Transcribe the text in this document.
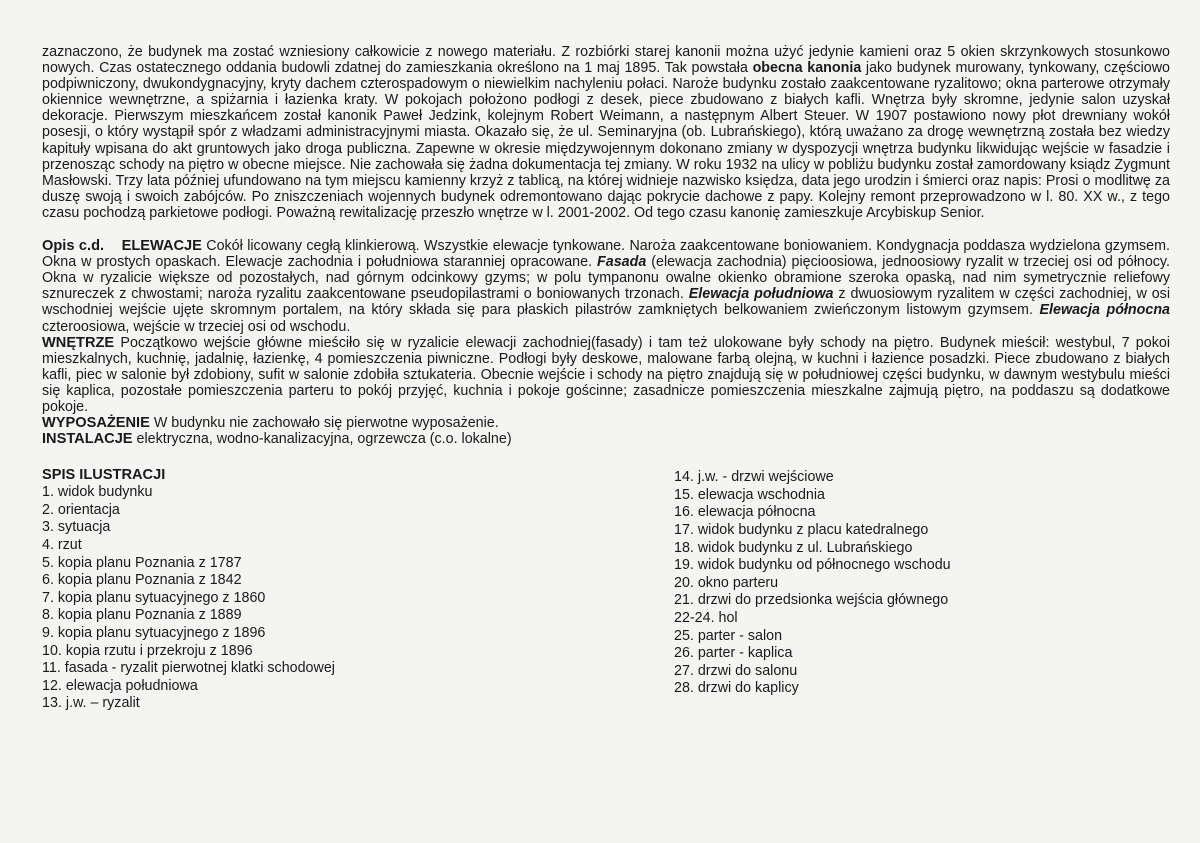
zaznaczono, że budynek ma zostać wzniesiony całkowicie z nowego materiału. Z rozbiórki starej kanonii można użyć jedynie kamieni oraz 5 okien skrzynkowych stosunkowo nowych. Czas ostatecznego oddania budowli zdatnej do zamieszkania określono na 1 maj 1895. Tak powstała obecna kanonia jako budynek murowany, tynkowany, częściowo podpiwniczony, dwukondygnacyjny, kryty dachem czterospadowym o niewielkim nachyleniu połaci. Naroże budynku zostało zaakcentowane ryzalitowo; okna parterowe otrzymały okiennice wewnętrzne, a spiżarnia i łazienka kraty. W pokojach położono podłogi z desek, piece zbudowano z białych kafli. Wnętrza były skromne, jedynie salon uzyskał dekoracje. Pierwszym mieszkańcem został kanonik Paweł Jedzink, kolejnym Robert Weimann, a następnym Albert Steuer. W 1907 postawiono nowy płot drewniany wokół posesji, o który wystąpił spór z władzami administracyjnymi miasta. Okazało się, że ul. Seminaryjna (ob. Lubrańskiego), którą uważano za drogę wewnętrzną została bez wiedzy kapituły wpisana do akt gruntowych jako droga publiczna. Zapewne w okresie międzywojennym dokonano zmiany w dyspozycji wnętrza budynku likwidując wejście w fasadzie i przenosząc schody na piętro w obecne miejsce. Nie zachowała się żadna dokumentacja tej zmiany. W roku 1932 na ulicy w pobliżu budynku został zamordowany ksiądz Zygmunt Masłowski. Trzy lata później ufundowano na tym miejscu kamienny krzyż z tablicą, na której widnieje nazwisko księdza, data jego urodzin i śmierci oraz napis: Prosi o modlitwę za duszę swoją i swoich zabójców. Po zniszczeniach wojennych budynek odremontowano dając pokrycie dachowe z papy. Kolejny remont przeprowadzono w l. 80. XX w., z tego czasu pochodzą parkietowe podłogi. Poważną rewitalizację przeszło wnętrze w l. 2001-2002. Od tego czasu kanonię zamieszkuje Arcybiskup Senior.

Opis c.d. ELEWACJE Cokół licowany cegłą klinkierową. Wszystkie elewacje tynkowane. Naroża zaakcentowane boniowaniem. Kondygnacja poddasza wydzielona gzymsem. Okna w prostych opaskach. Elewacje zachodnia i południowa staranniej opracowane. Fasada (elewacja zachodnia) pięcioosiowa, jednoosiowy ryzalit w trzeciej osi od północy. Okna w ryzalicie większe od pozostałych, nad górnym odcinkowy gzyms; w polu tympanonu owalne okienko obramione szeroka opaską, nad nim symetrycznie reliefowy sznureczek z chwostami; naroża ryzalitu zaakcentowane pseudopilastrami o boniowanych trzonach. Elewacja południowa z dwuosiowym ryzalitem w części zachodniej, w osi wschodniej wejście ujęte skromnym portalem, na który składa się para płaskich pilastrów zamkniętych belkowaniem zwieńczonym listowym gzymsem. Elewacja północna czteroosiowa, wejście w trzeciej osi od wschodu.

WNĘTRZE Początkowo wejście główne mieściło się w ryzalicie elewacji zachodniej(fasady) i tam też ulokowane były schody na piętro. Budynek mieścił: westybul, 7 pokoi mieszkalnych, kuchnię, jadalnię, łazienkę, 4 pomieszczenia piwniczne. Podłogi były deskowe, malowane farbą olejną, w kuchni i łazience posadzki. Piece zbudowano z białych kafli, piec w salonie był zdobiony, sufit w salonie zdobiła sztukateria. Obecnie wejście i schody na piętro znajdują się w południowej części budynku, w dawnym westybulu mieści się kaplica, pozostałe pomieszczenia parteru to pokój przyjęć, kuchnia i pokoje gościnne; zasadnicze pomieszczenia mieszkalne zajmują piętro, na poddaszu są dodatkowe pokoje.

WYPOSAŻENIE W budynku nie zachowało się pierwotne wyposażenie.

INSTALACJE elektryczna, wodno-kanalizacyjna, ogrzewcza (c.o. lokalne)

SPIS ILUSTRACJI
1. widok budynku
2. orientacja
3. sytuacja
4. rzut
5. kopia planu Poznania z 1787
6. kopia planu Poznania z 1842
7. kopia planu sytuacyjnego z 1860
8. kopia planu Poznania z 1889
9. kopia planu sytuacyjnego z 1896
10. kopia rzutu i przekroju z 1896
11. fasada - ryzalit pierwotnej klatki schodowej
12. elewacja południowa
13. j.w. – ryzalit
14. j.w. - drzwi wejściowe
15. elewacja wschodnia
16. elewacja północna
17. widok budynku z placu katedralnego
18. widok budynku z ul. Lubrańskiego
19. widok budynku od północnego wschodu
20. okno parteru
21. drzwi do przedsionka wejścia głównego
22-24. hol
25. parter - salon
26. parter - kaplica
27. drzwi do salonu
28. drzwi do kaplicy
